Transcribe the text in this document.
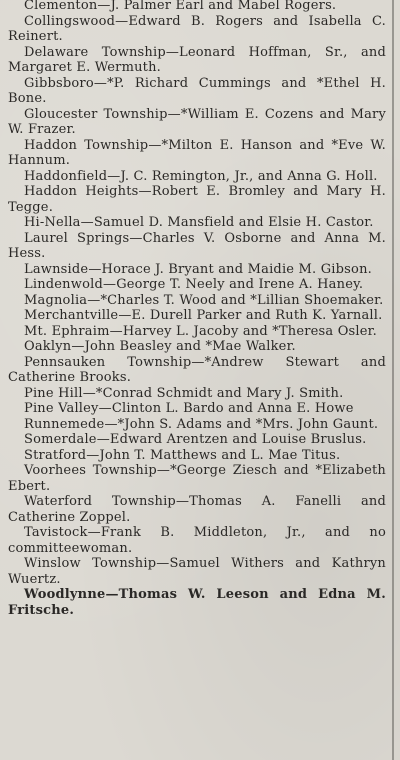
Clementon—J. Palmer Earl and Mabel Rogers.

Collingswood—Edward B. Rogers and Isabella C. Reinert.

Delaware Township—Leonard Hoffman, Sr., and Margaret E. Wermuth.

Gibbsboro—*P. Richard Cummings and *Ethel H. Bone.

Gloucester Township—*William E. Cozens and Mary W. Frazer.

Haddon Township—*Milton E. Hanson and *Eve W. Hannum.

Haddonfield—J. C. Remington, Jr., and Anna G. Holl.

Haddon Heights—Robert E. Bromley and Mary H. Tegge.

Hi-Nella—Samuel D. Mansfield and Elsie H. Castor.

Laurel Springs—Charles V. Osborne and Anna M. Hess.

Lawnside—Horace J. Bryant and Maidie M. Gibson.

Lindenwold—George T. Neely and Irene A. Haney.

Magnolia—*Charles T. Wood and *Lillian Shoemaker.

Merchantville—E. Durell Parker and Ruth K. Yarnall.

Mt. Ephraim—Harvey L. Jacoby and *Theresa Osler.

Oaklyn—John Beasley and *Mae Walker.

Pennsauken Township—*Andrew Stewart and Catherine Brooks.

Pine Hill—*Conrad Schmidt and Mary J. Smith.

Pine Valley—Clinton L. Bardo and Anna E. Howe

Runnemede—*John S. Adams and *Mrs. John Gaunt.

Somerdale—Edward Arentzen and Louise Bruslus.

Stratford—John T. Matthews and L. Mae Titus.

Voorhees Township—*George Ziesch and *Elizabeth Ebert.

Waterford Township—Thomas A. Fanelli and Catherine Zoppel.

Tavistock—Frank B. Middleton, Jr., and no committeewoman.

Winslow Township—Samuel Withers and Kathryn Wuertz.

Woodlynne—Thomas W. Leeson and Edna M. Fritsche.
